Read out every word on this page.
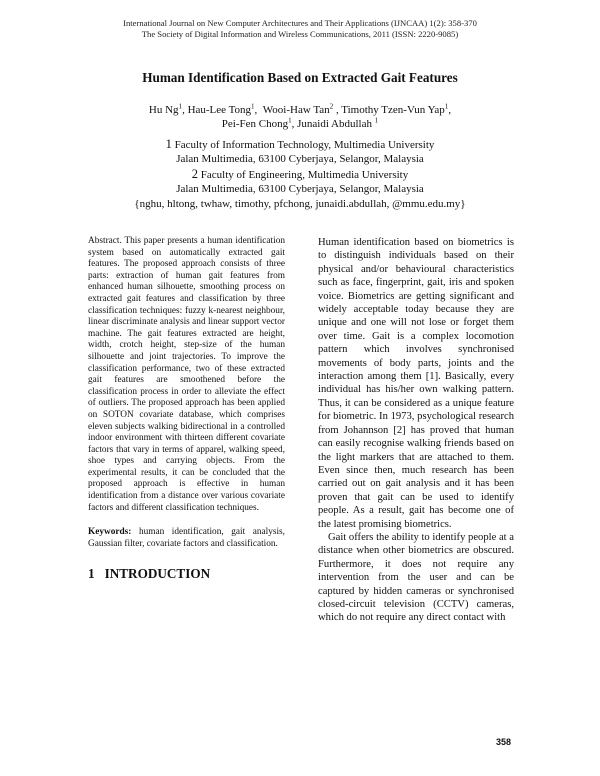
International Journal on New Computer Architectures and Their Applications (IJNCAA) 1(2): 358-370
The Society of Digital Information and Wireless Communications, 2011 (ISSN: 2220-9085)
Human Identification Based on Extracted Gait Features
Hu Ng$^1$, Hau-Lee Tong$^1$,  Wooi-Haw Tan$^2$ , Timothy Tzen-Vun Yap$^1$,
Pei-Fen Chong$^1$, Junaidi Abdullah $^1$
1 Faculty of Information Technology, Multimedia University
Jalan Multimedia, 63100 Cyberjaya, Selangor, Malaysia
2 Faculty of Engineering, Multimedia University
Jalan Multimedia, 63100 Cyberjaya, Selangor, Malaysia
{nghu, hltong, twhaw, timothy, pfchong, junaidi.abdullah, @mmu.edu.my}

Abstract. This paper presents a human identification system based on automatically extracted gait features. The proposed approach consists of three parts: extraction of human gait features from enhanced human silhouette, smoothing process on extracted gait features and classification by three classification techniques: fuzzy k-nearest neighbour, linear discriminate analysis and linear support vector machine. The gait features extracted are height, width, crotch height, step-size of the human silhouette and joint trajectories. To improve the classification performance, two of these extracted gait features are smoothened before the classification process in order to alleviate the effect of outliers. The proposed approach has been applied on SOTON covariate database, which comprises eleven subjects walking bidirectional in a controlled indoor environment with thirteen different covariate factors that vary in terms of apparel, walking speed, shoe types and carrying objects. From the experimental results, it can be concluded that the proposed approach is effective in human identification from a distance over various covariate factors and different classification techniques.

Keywords: human identification, gait analysis, Gaussian filter, covariate factors and classification.

1 INTRODUCTION

Human identification based on biometrics is to distinguish individuals based on their physical and/or behavioural characteristics such as face, fingerprint, gait, iris and spoken voice. Biometrics are getting significant and widely acceptable today because they are unique and one will not lose or forget them over time. Gait is a complex locomotion pattern which involves synchronised movements of body parts, joints and the interaction among them [1]. Basically, every individual has his/her own walking pattern. Thus, it can be considered as a unique feature for biometric. In 1973, psychological research from Johannson [2] has proved that human can easily recognise walking friends based on the light markers that are attached to them. Even since then, much research has been carried out on gait analysis and it has been proven that gait can be used to identify people. As a result, gait has become one of the latest promising biometrics.

Gait offers the ability to identify people at a distance when other biometrics are obscured. Furthermore, it does not require any intervention from the user and can be captured by hidden cameras or synchronised closed-circuit television (CCTV) cameras, which do not require any direct contact with

358
